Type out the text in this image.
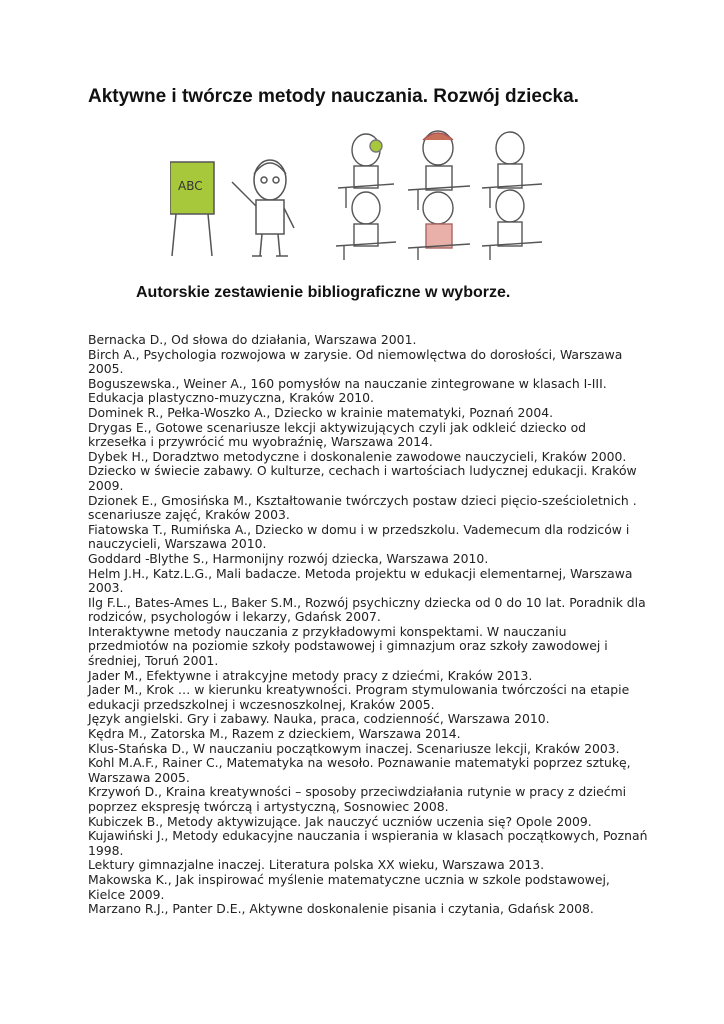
Aktywne i twórcze metody nauczania. Rozwój dziecka.
ABC
Autorskie zestawienie bibliograficzne w wyborze.
Bernacka D., Od słowa do działania, Warszawa 2001.
Birch A., Psychologia rozwojowa w zarysie. Od niemowlęctwa do dorosłości, Warszawa 2005.
Boguszewska., Weiner A., 160 pomysłów na nauczanie zintegrowane w klasach I-III. Edukacja plastyczno-muzyczna, Kraków 2010.
Dominek R., Pełka-Woszko A., Dziecko w krainie matematyki, Poznań 2004.
Drygas E., Gotowe scenariusze lekcji aktywizujących czyli jak odkleić dziecko od krzesełka i przywrócić mu wyobraźnię, Warszawa 2014.
Dybek H., Doradztwo metodyczne i doskonalenie zawodowe nauczycieli, Kraków 2000.
Dziecko w świecie zabawy. O kulturze, cechach i wartościach ludycznej edukacji. Kraków 2009.
Dzionek E., Gmosińska M., Kształtowanie twórczych postaw dzieci pięcio-sześcioletnich . scenariusze zajęć, Kraków 2003.
Fiatowska T., Rumińska A., Dziecko w domu i w przedszkolu. Vademecum dla rodziców i nauczycieli, Warszawa 2010.
Goddard -Blythe S., Harmonijny rozwój dziecka, Warszawa 2010.
Helm J.H., Katz.L.G., Mali badacze. Metoda projektu w edukacji elementarnej, Warszawa 2003.
Ilg F.L., Bates-Ames L., Baker S.M., Rozwój psychiczny dziecka od 0 do 10 lat. Poradnik dla rodziców, psychologów i lekarzy, Gdańsk 2007.
Interaktywne metody nauczania z przykładowymi konspektami. W nauczaniu przedmiotów na poziomie szkoły podstawowej i gimnazjum oraz szkoły zawodowej i średniej, Toruń 2001.
Jader M., Efektywne i atrakcyjne metody pracy z dziećmi, Kraków 2013.
Jader M., Krok … w kierunku kreatywności. Program stymulowania twórczości na etapie edukacji przedszkolnej i wczesnoszkolnej, Kraków 2005.
Język angielski. Gry i zabawy. Nauka, praca, codzienność, Warszawa 2010.
Kędra M., Zatorska M., Razem z dzieckiem, Warszawa 2014.
Klus-Stańska D., W nauczaniu początkowym inaczej. Scenariusze lekcji, Kraków 2003.
Kohl M.A.F., Rainer C., Matematyka na wesoło. Poznawanie matematyki poprzez sztukę, Warszawa 2005.
Krzywoń D., Kraina kreatywności – sposoby przeciwdziałania rutynie w pracy z dziećmi poprzez ekspresję twórczą i artystyczną, Sosnowiec 2008.
Kubiczek B., Metody aktywizujące. Jak nauczyć uczniów uczenia się? Opole 2009.
Kujawiński J., Metody edukacyjne nauczania i wspierania w klasach początkowych, Poznań 1998.
Lektury gimnazjalne inaczej. Literatura polska XX wieku, Warszawa 2013.
Makowska K., Jak inspirować myślenie matematyczne ucznia w szkole podstawowej, Kielce 2009.
Marzano R.J., Panter D.E., Aktywne doskonalenie pisania i czytania, Gdańsk 2008.
